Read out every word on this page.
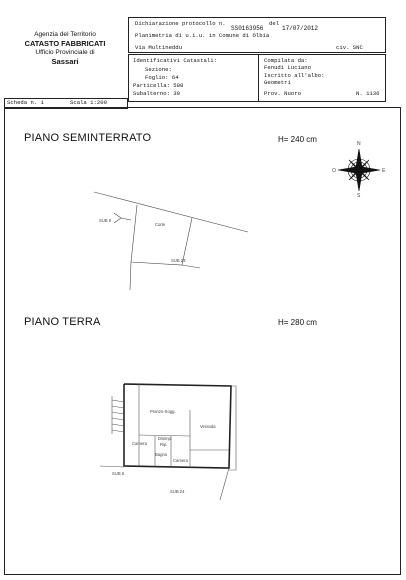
Agenzia del Territorio
CATASTO FABBRICATI
Ufficio Provinciale di
Sassari
Dichiarazione protocollo n.
SS0163956
del
17/07/2012
Planimetria di u.i.u. in Comune di Olbia
Via Multineddu	civ. SNC
Identificativi Catastali:
Sezione:
Foglio: 64
Particella: 508
Subalterno: 30
Compilata da:
Fenudi Luciano
Iscritto all'albo:
Geometri
Prov. Nuoro	N. 1136
Scheda n. 1	Scala 1:200
PIANO SEMINTERRATO	H= 240 cm
PIANO TERRA	H= 280 cm
N
S
E
O
SUB 6
Corte
SUB 23
Pranzo-Sogg.
Veranda
Camera
Disimp.
Rip.
Bagno
Camera
SUB 6
SUB 24
